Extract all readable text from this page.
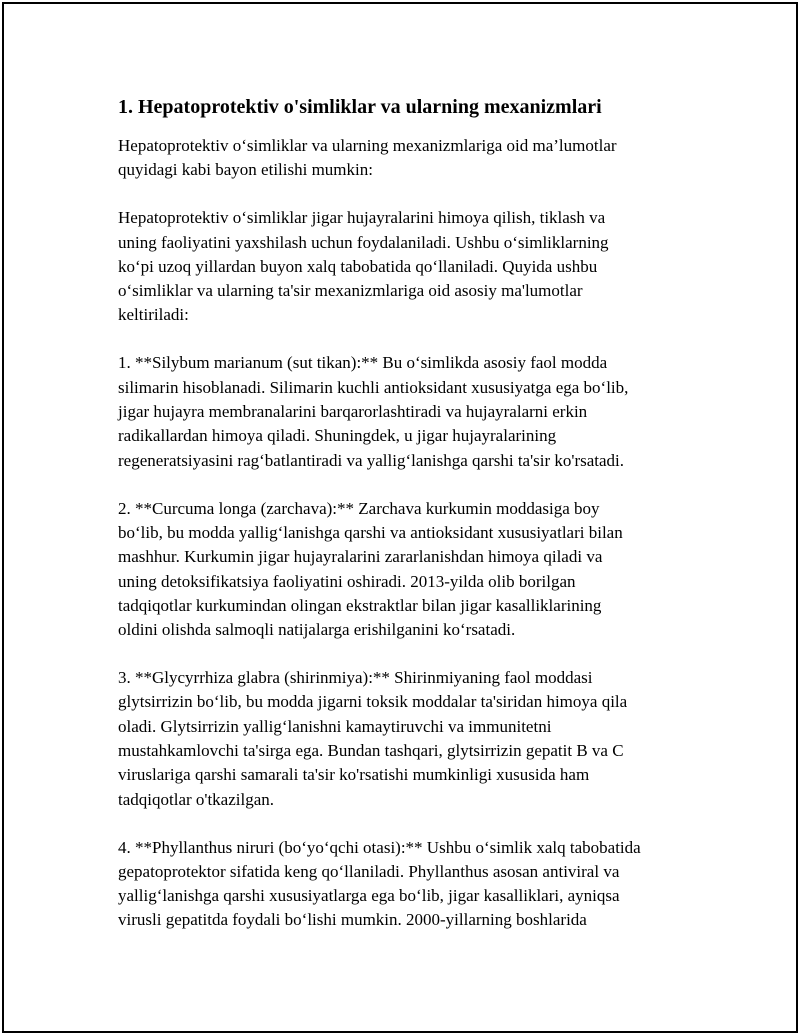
1. Hepatoprotektiv o'simliklar va ularning mexanizmlari
Hepatoprotektiv o‘simliklar va ularning mexanizmlariga oid ma’lumotlar
quyidagi kabi bayon etilishi mumkin:
Hepatoprotektiv o‘simliklar jigar hujayralarini himoya qilish, tiklash va
uning faoliyatini yaxshilash uchun foydalaniladi. Ushbu o‘simliklarning
ko‘pi uzoq yillardan buyon xalq tabobatida qo‘llaniladi. Quyida ushbu
o‘simliklar va ularning ta'sir mexanizmlariga oid asosiy ma'lumotlar
keltiriladi:
1. **Silybum marianum (sut tikan):** Bu o‘simlikda asosiy faol modda
silimarin hisoblanadi. Silimarin kuchli antioksidant xususiyatga ega bo‘lib,
jigar hujayra membranalarini barqarorlashtiradi va hujayralarni erkin
radikallardan himoya qiladi. Shuningdek, u jigar hujayralarining
regeneratsiyasini rag‘batlantiradi va yallig‘lanishga qarshi ta'sir ko'rsatadi.
2. **Curcuma longa (zarchava):** Zarchava kurkumin moddasiga boy
bo‘lib, bu modda yallig‘lanishga qarshi va antioksidant xususiyatlari bilan
mashhur. Kurkumin jigar hujayralarini zararlanishdan himoya qiladi va
uning detoksifikatsiya faoliyatini oshiradi. 2013-yilda olib borilgan
tadqiqotlar kurkumindan olingan ekstraktlar bilan jigar kasalliklarining
oldini olishda salmoqli natijalarga erishilganini ko‘rsatadi.
3. **Glycyrrhiza glabra (shirinmiya):** Shirinmiyaning faol moddasi
glytsirrizin bo‘lib, bu modda jigarni toksik moddalar ta'siridan himoya qila
oladi. Glytsirrizin yallig‘lanishni kamaytiruvchi va immunitetni
mustahkamlovchi ta'sirga ega. Bundan tashqari, glytsirrizin gepatit B va C
viruslariga qarshi samarali ta'sir ko'rsatishi mumkinligi xususida ham
tadqiqotlar o'tkazilgan.
4. **Phyllanthus niruri (bo‘yo‘qchi otasi):** Ushbu o‘simlik xalq tabobatida
gepatoprotektor sifatida keng qo‘llaniladi. Phyllanthus asosan antiviral va
yallig‘lanishga qarshi xususiyatlarga ega bo‘lib, jigar kasalliklari, ayniqsa
virusli gepatitda foydali bo‘lishi mumkin. 2000-yillarning boshlarida
